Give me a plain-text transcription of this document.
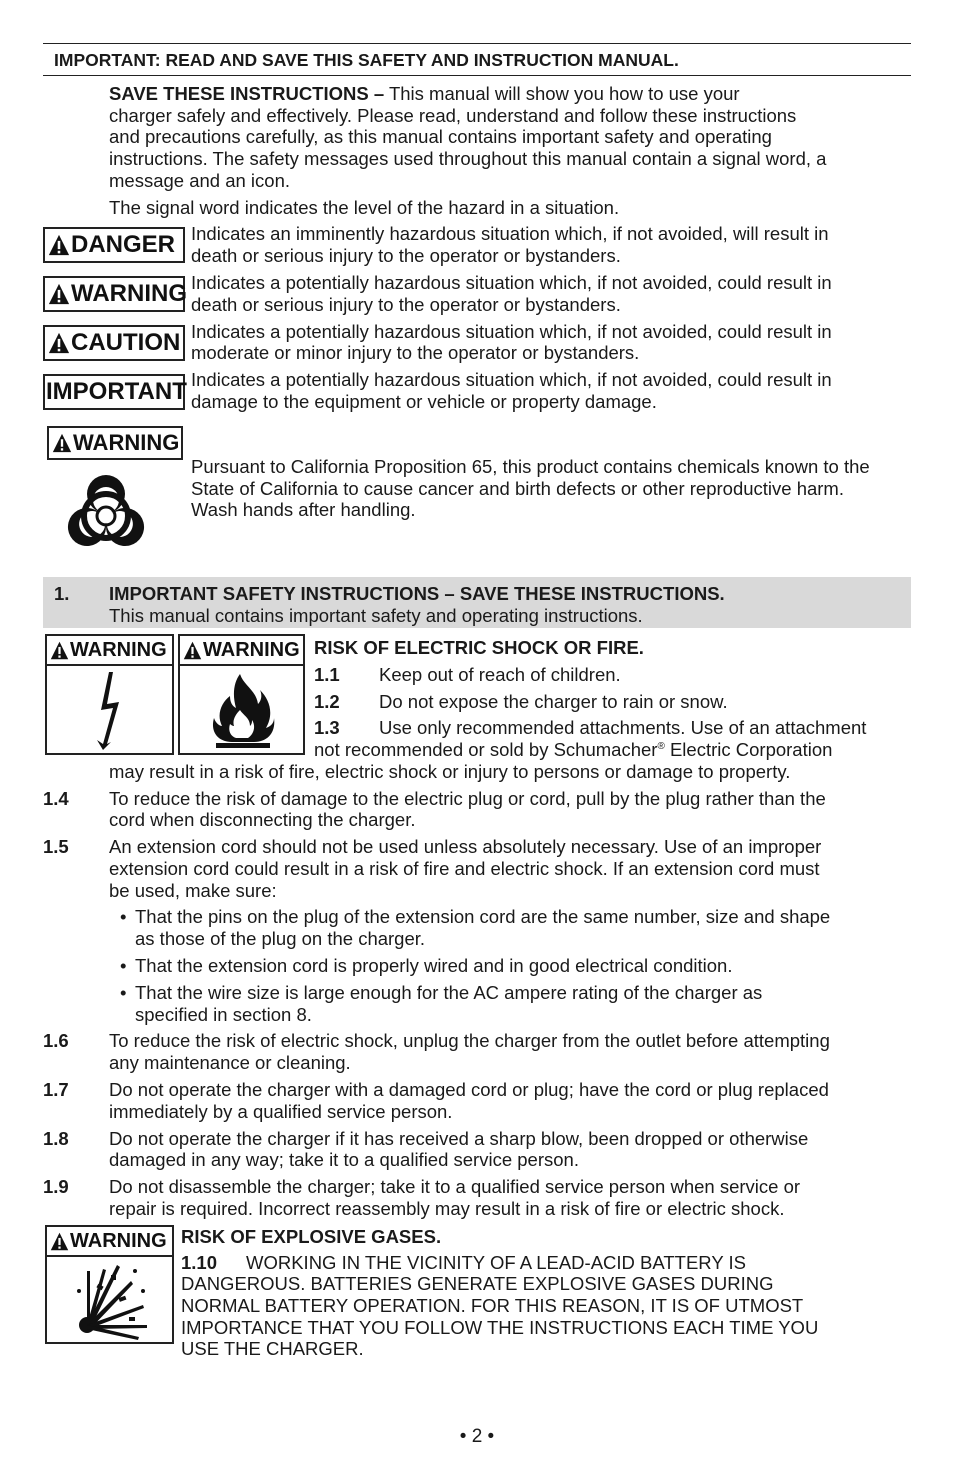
IMPORTANT: READ AND SAVE THIS SAFETY AND INSTRUCTION MANUAL.
SAVE THESE INSTRUCTIONS – This manual will show you how to use your
charger safely and effectively. Please read, understand and follow these instructions
and precautions carefully, as this manual contains important safety and operating
instructions. The safety messages used throughout this manual contain a signal word, a
message and an icon.
The signal word indicates the level of the hazard in a situation.
DANGER Indicates an imminently hazardous situation which, if not avoided, will result in
death or serious injury to the operator or bystanders.
WARNING Indicates a potentially hazardous situation which, if not avoided, could result in
death or serious injury to the operator or bystanders.
CAUTION Indicates a potentially hazardous situation which, if not avoided, could result in
moderate or minor injury to the operator or bystanders.
IMPORTANT Indicates a potentially hazardous situation which, if not avoided, could result in
damage to the equipment or vehicle or property damage.
WARNING
Pursuant to California Proposition 65, this product contains chemicals known to the
State of California to cause cancer and birth defects or other reproductive harm.
Wash hands after handling.
1. IMPORTANT SAFETY INSTRUCTIONS – SAVE THESE INSTRUCTIONS.
This manual contains important safety and operating instructions.
WARNING WARNING RISK OF ELECTRIC SHOCK OR FIRE.
1.1 Keep out of reach of children.
1.2 Do not expose the charger to rain or snow.
1.3 Use only recommended attachments. Use of an attachment
not recommended or sold by Schumacher® Electric Corporation
may result in a risk of fire, electric shock or injury to persons or damage to property.
1.4 To reduce the risk of damage to the electric plug or cord, pull by the plug rather than the
cord when disconnecting the charger.
1.5 An extension cord should not be used unless absolutely necessary. Use of an improper
extension cord could result in a risk of fire and electric shock. If an extension cord must
be used, make sure:
• That the pins on the plug of the extension cord are the same number, size and shape
as those of the plug on the charger.
• That the extension cord is properly wired and in good electrical condition.
• That the wire size is large enough for the AC ampere rating of the charger as
specified in section 8.
1.6 To reduce the risk of electric shock, unplug the charger from the outlet before attempting
any maintenance or cleaning.
1.7 Do not operate the charger with a damaged cord or plug; have the cord or plug replaced
immediately by a qualified service person.
1.8 Do not operate the charger if it has received a sharp blow, been dropped or otherwise
damaged in any way; take it to a qualified service person.
1.9 Do not disassemble the charger; take it to a qualified service person when service or
repair is required. Incorrect reassembly may result in a risk of fire or electric shock.
WARNING RISK OF EXPLOSIVE GASES.
1.10 WORKING IN THE VICINITY OF A LEAD-ACID BATTERY IS
DANGEROUS. BATTERIES GENERATE EXPLOSIVE GASES DURING
NORMAL BATTERY OPERATION. FOR THIS REASON, IT IS OF UTMOST
IMPORTANCE THAT YOU FOLLOW THE INSTRUCTIONS EACH TIME YOU
USE THE CHARGER.
• 2 •
